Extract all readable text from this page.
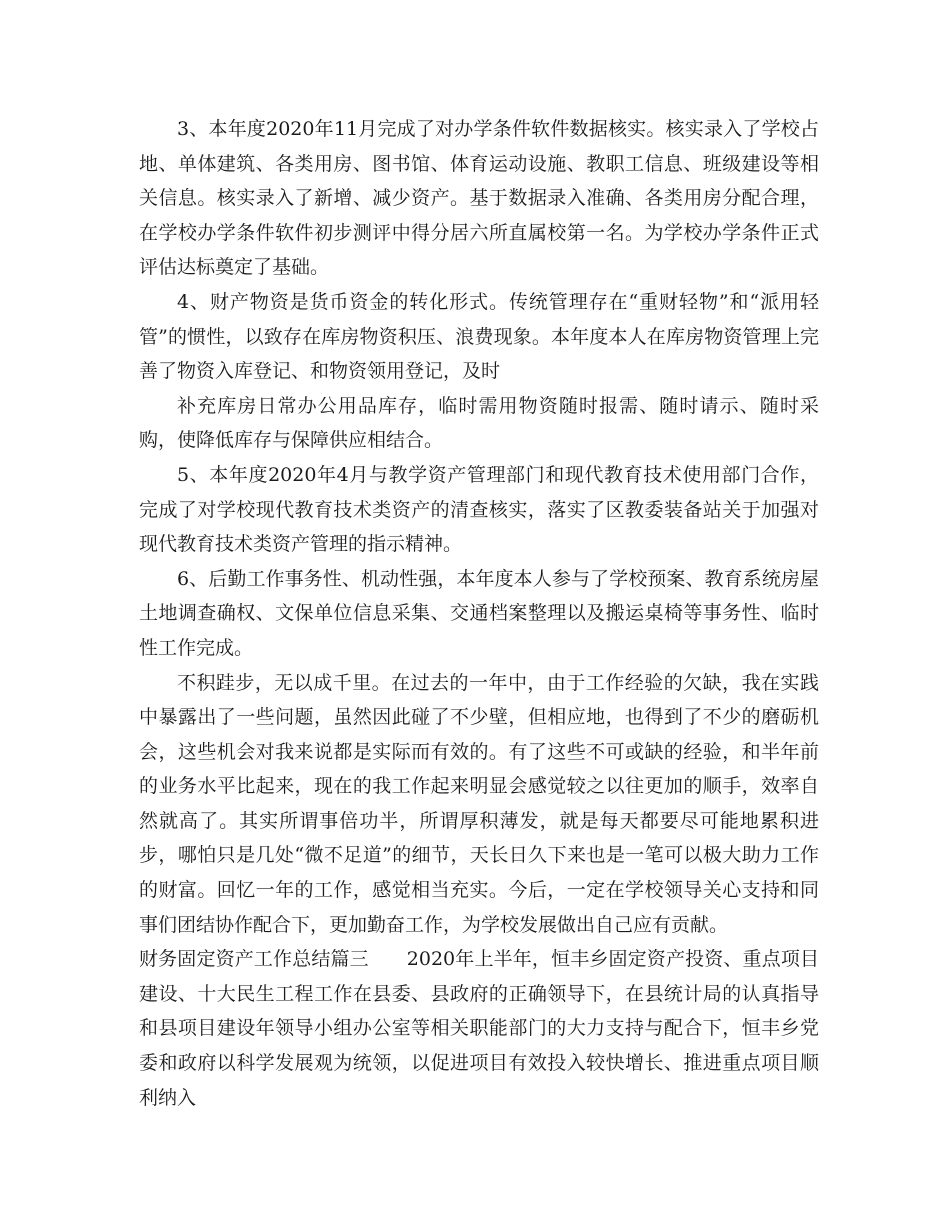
3、本年度2020年11月完成了对办学条件软件数据核实。核实录入了学校占地、单体建筑、各类用房、图书馆、体育运动设施、教职工信息、班级建设等相关信息。核实录入了新增、减少资产。基于数据录入准确、各类用房分配合理，在学校办学条件软件初步测评中得分居六所直属校第一名。为学校办学条件正式评估达标奠定了基础。

4、财产物资是货币资金的转化形式。传统管理存在“重财轻物”和“派用轻管”的惯性，以致存在库房物资积压、浪费现象。本年度本人在库房物资管理上完善了物资入库登记、和物资领用登记，及时

补充库房日常办公用品库存，临时需用物资随时报需、随时请示、随时采购，使降低库存与保障供应相结合。

5、本年度2020年4月与教学资产管理部门和现代教育技术使用部门合作，完成了对学校现代教育技术类资产的清查核实，落实了区教委装备站关于加强对现代教育技术类资产管理的指示精神。

6、后勤工作事务性、机动性强，本年度本人参与了学校预案、教育系统房屋土地调查确权、文保单位信息采集、交通档案整理以及搬运桌椅等事务性、临时性工作完成。

不积跬步，无以成千里。在过去的一年中，由于工作经验的欠缺，我在实践中暴露出了一些问题，虽然因此碰了不少壁，但相应地，也得到了不少的磨砺机会，这些机会对我来说都是实际而有效的。有了这些不可或缺的经验，和半年前的业务水平比起来，现在的我工作起来明显会感觉较之以往更加的顺手，效率自然就高了。其实所谓事倍功半，所谓厚积薄发，就是每天都要尽可能地累积进步，哪怕只是几处“微不足道”的细节，天长日久下来也是一笔可以极大助力工作的财富。回忆一年的工作，感觉相当充实。今后，一定在学校领导关心支持和同事们团结协作配合下，更加勤奋工作，为学校发展做出自己应有贡献。

财务固定资产工作总结篇三 2020年上半年，恒丰乡固定资产投资、重点项目建设、十大民生工程工作在县委、县政府的正确领导下，在县统计局的认真指导和县项目建设年领导小组办公室等相关职能部门的大力支持与配合下，恒丰乡党委和政府以科学发展观为统领，以促进项目有效投入较快增长、推进重点项目顺利纳入
